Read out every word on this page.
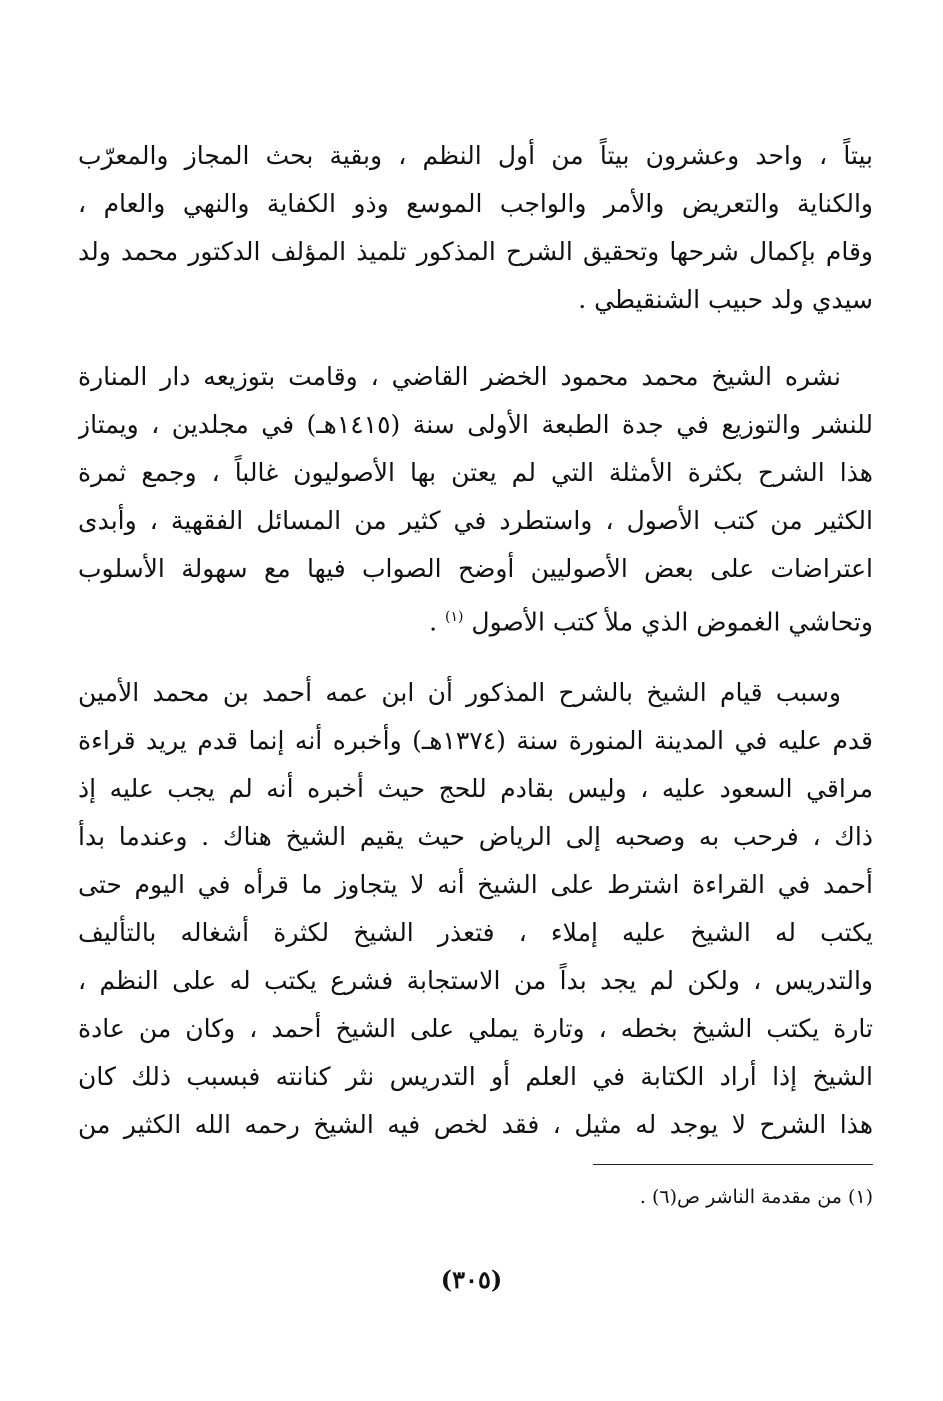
بيتاً ، واحد وعشرون بيتاً من أول النظم ، وبقية بحث المجاز والمعرّب
والكناية والتعريض والأمر والواجب الموسع وذو الكفاية والنهي والعام ،
وقام بإكمال شرحها وتحقيق الشرح المذكور تلميذ المؤلف الدكتور محمد ولد
سيدي ولد حبيب الشنقيطي .
نشره الشيخ محمد محمود الخضر القاضي ، وقامت بتوزيعه دار المنارة
للنشر والتوزيع في جدة الطبعة الأولى سنة (١٤١٥هـ) في مجلدين ، ويمتاز
هذا الشرح بكثرة الأمثلة التي لم يعتن بها الأصوليون غالباً ، وجمع ثمرة
الكثير من كتب الأصول ، واستطرد في كثير من المسائل الفقهية ، وأبدى
اعتراضات على بعض الأصوليين أوضح الصواب فيها مع سهولة الأسلوب
وتحاشي الغموض الذي ملأ كتب الأصول $^{(١)}$ .
وسبب قيام الشيخ بالشرح المذكور أن ابن عمه أحمد بن محمد الأمين
قدم عليه في المدينة المنورة سنة (١٣٧٤هـ) وأخبره أنه إنما قدم يريد قراءة
مراقي السعود عليه ، وليس بقادم للحج حيث أخبره أنه لم يجب عليه إذ
ذاك ، فرحب به وصحبه إلى الرياض حيث يقيم الشيخ هناك . وعندما بدأ
أحمد في القراءة اشترط على الشيخ أنه لا يتجاوز ما قرأه في اليوم حتى
يكتب له الشيخ عليه إملاء ، فتعذر الشيخ لكثرة أشغاله بالتأليف
والتدريس ، ولكن لم يجد بداً من الاستجابة فشرع يكتب له على النظم ،
تارة يكتب الشيخ بخطه ، وتارة يملي على الشيخ أحمد ، وكان من عادة
الشيخ إذا أراد الكتابة في العلم أو التدريس نثر كنانته فبسبب ذلك كان
هذا الشرح لا يوجد له مثيل ، فقد لخص فيه الشيخ رحمه الله الكثير من
(١) من مقدمة الناشر ص(٦) .
(٣٠٥)
